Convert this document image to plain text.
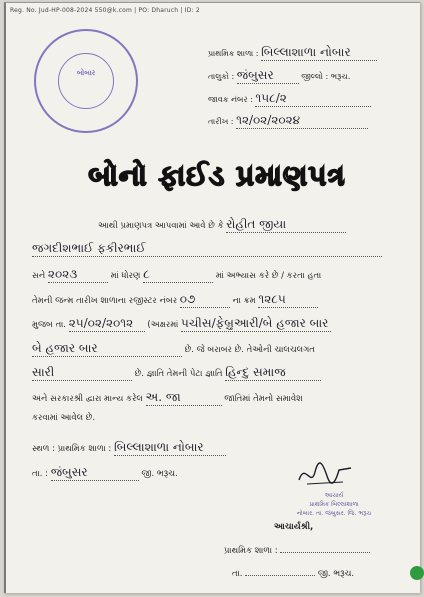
Reg. No. Jud-HP-008-2024 550@k.com | PO: Dharuch | ID: 2
બોબાર
પ્રાથમિક શાળા : બિલ્લાશાળા નોબાર
તાલુકો : જંબુસર	જીલ્લો : ભરૂચ.
જાવક નંબર : ૧૫૮/૨
તારીખ : ૧૨/૦૨/૨૦૨૪
બોનો ફાઈડ પ્રમાણપત્ર
આથી પ્રમાણપત્ર આપવામાં આવે છે કે રોહીત જીયા
જગદીશભાઈ ફકીરભાઈ
સને ૨૦૨૩	માં ધોરણ ૮	માં અભ્યાસ કરે છે / કરતા હતા
તેમની જન્મ તારીખ શાળાના રજીસ્ટર નંબર ૦૭	ના ક્રમ ૧૨૮૫
મુજબ તા. ૨૫/૦૨/૨૦૧૨ (અક્ષરમાં પચીસ/ફેબ્રુઆરી/બે હજાર બાર
બે હજાર બાર	છે. જે બરાબર છે. તેઓની ચાલચલગત
સારી	છે. જ્ઞાતિ તેમની પેટા જ્ઞાતિ હિન્દુ સમાજ
અને સરકારશ્રી દ્વારા માન્ય કરેલ અ. જા	જાતિમાં તેમનો સમાવેશ
કરવામાં આવેલ છે.
સ્થળ : પ્રાથમિક શાળા : બિલ્લાશાળા નોબાર
તા. : જંબુસર	જી. ભરૂચ.
આચાર્ય
પ્રાથમિક બિલ્લાશાળા
નોબાર. તા. જંબુસર. જિ. ભરૂચ
આચાર્યશ્રી,
પ્રાથમિક શાળા :
તા.	જી. ભરૂચ.
